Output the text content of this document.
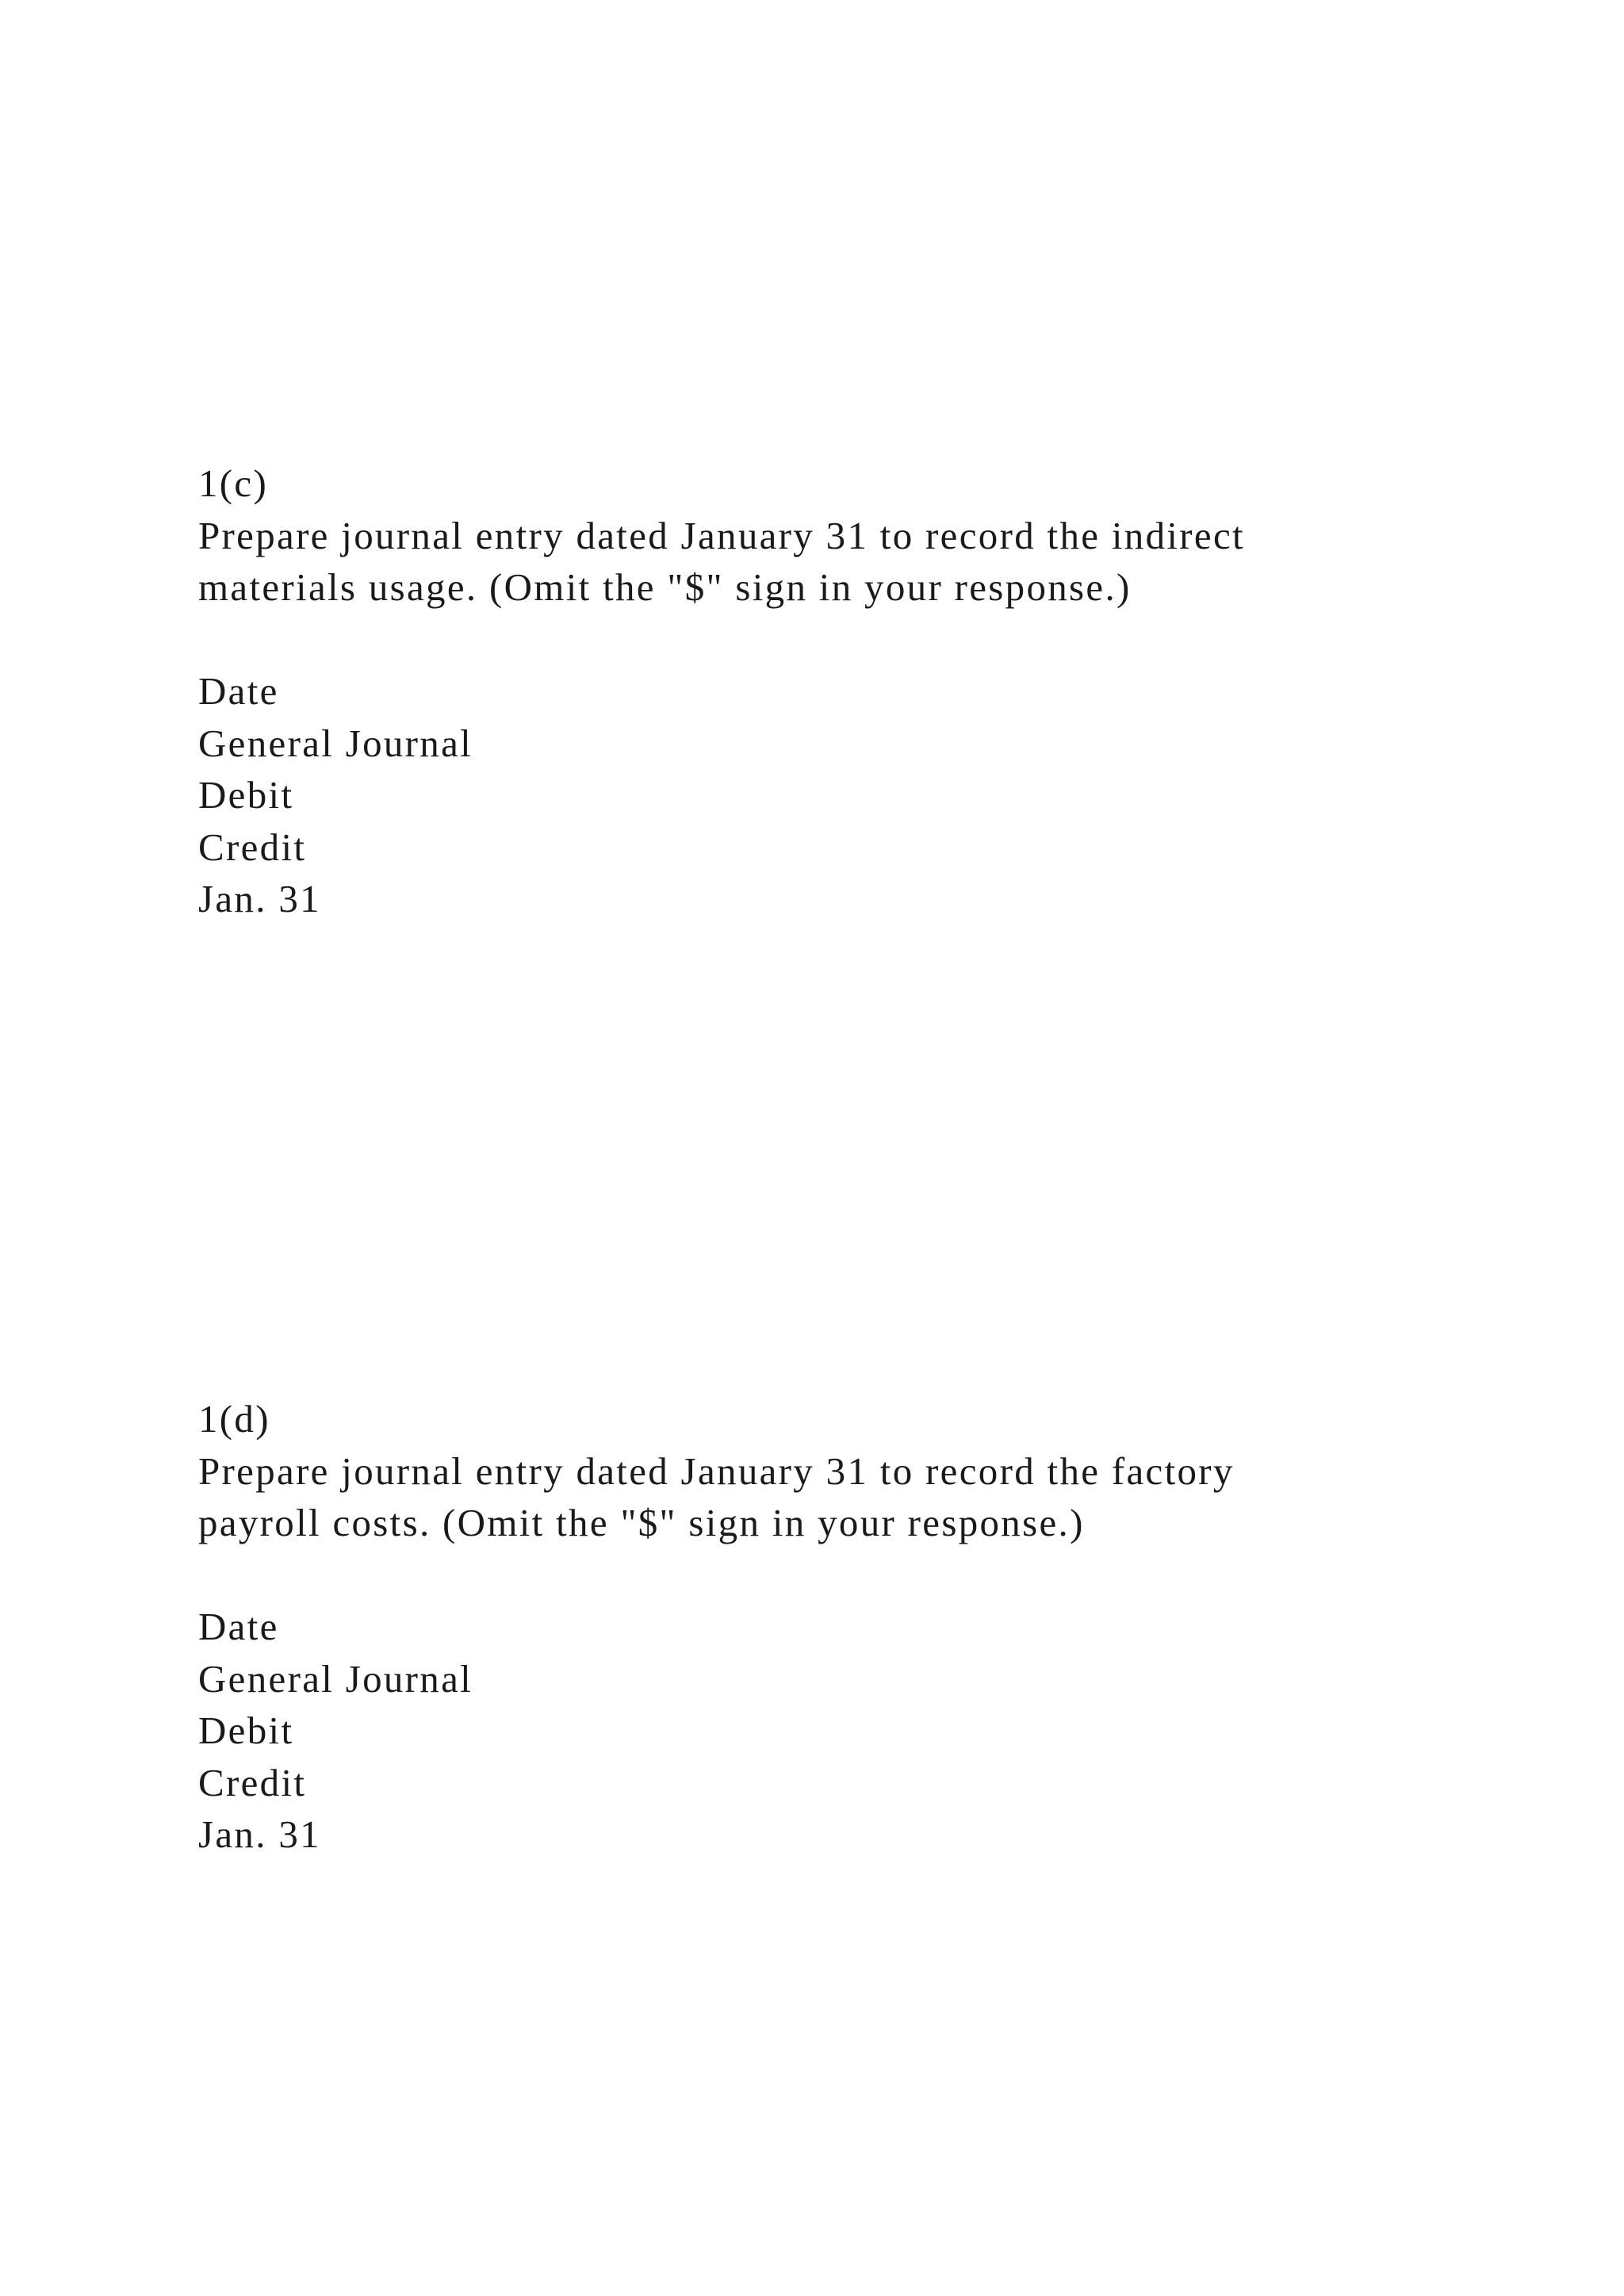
1(c)
Prepare journal entry dated January 31 to record the indirect
materials usage. (Omit the "$" sign in your response.)
Date
General Journal
Debit
Credit
Jan. 31
1(d)
Prepare journal entry dated January 31 to record the factory
payroll costs. (Omit the "$" sign in your response.)
Date
General Journal
Debit
Credit
Jan. 31
